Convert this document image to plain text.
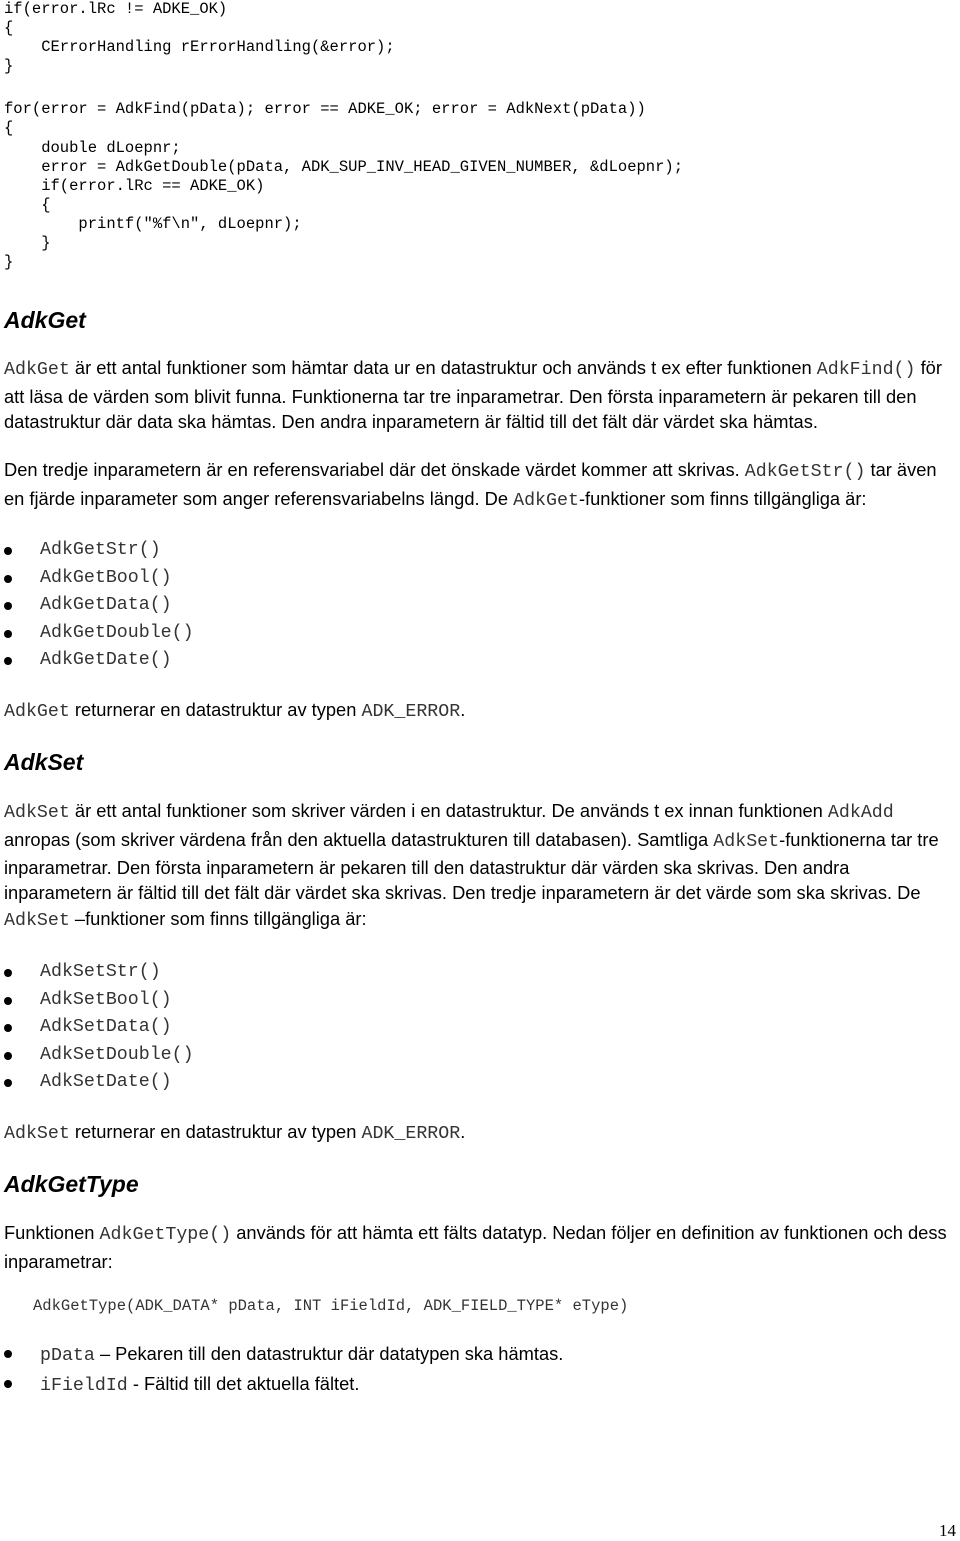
if(error.lRc != ADKE_OK)
{
CErrorHandling rErrorHandling(&error);
}
for(error = AdkFind(pData); error == ADKE_OK; error = AdkNext(pData))
{
double dLoepnr;
error = AdkGetDouble(pData, ADK_SUP_INV_HEAD_GIVEN_NUMBER, &dLoepnr);
if(error.lRc == ADKE_OK)
{
printf("%f\n", dLoepnr);
}
}
AdkGet

AdkGet är ett antal funktioner som hämtar data ur en datastruktur och används t ex efter funktionen AdkFind() för att läsa de värden som blivit funna. Funktionerna tar tre inparametrar. Den första inparametern är pekaren till den datastruktur där data ska hämtas. Den andra inparametern är fältid till det fält där värdet ska hämtas.

Den tredje inparametern är en referensvariabel där det önskade värdet kommer att skrivas. AdkGetStr() tar även en fjärde inparameter som anger referensvariabelns längd. De AdkGet-funktioner som finns tillgängliga är:

AdkGetStr()
AdkGetBool()
AdkGetData()
AdkGetDouble()
AdkGetDate()

AdkGet returnerar en datastruktur av typen ADK_ERROR.

AdkSet

AdkSet är ett antal funktioner som skriver värden i en datastruktur. De används t ex innan funktionen AdkAdd anropas (som skriver värdena från den aktuella datastrukturen till databasen). Samtliga AdkSet-funktionerna tar tre inparametrar. Den första inparametern är pekaren till den datastruktur där värden ska skrivas. Den andra inparametern är fältid till det fält där värdet ska skrivas. Den tredje inparametern är det värde som ska skrivas. De AdkSet –funktioner som finns tillgängliga är:

AdkSetStr()
AdkSetBool()
AdkSetData()
AdkSetDouble()
AdkSetDate()

AdkSet returnerar en datastruktur av typen ADK_ERROR.

AdkGetType

Funktionen AdkGetType() används för att hämta ett fälts datatyp. Nedan följer en definition av funktionen och dess inparametrar:

AdkGetType(ADK_DATA* pData, INT iFieldId, ADK_FIELD_TYPE* eType)
pData – Pekaren till den datastruktur där datatypen ska hämtas.
iFieldId - Fältid till det aktuella fältet.
14
